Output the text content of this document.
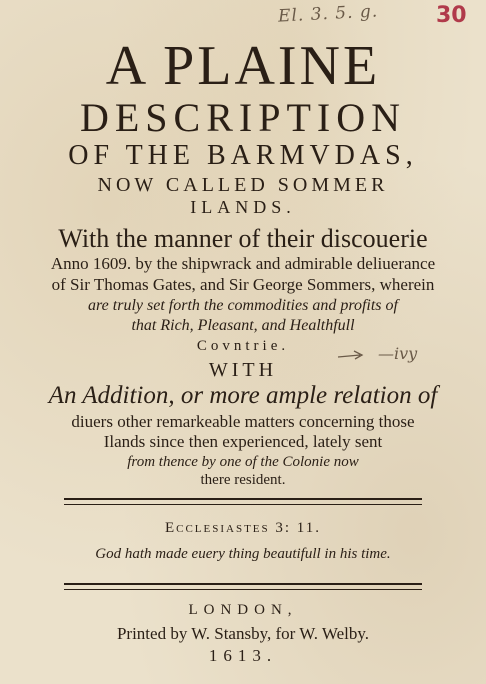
El. 3. 5. g.	30
—ivy
A PLAINE
DESCRIPTION
OF THE BARMVDAS,
NOW CALLED SOMMER
ILANDS.
With the manner of their discouerie
Anno 1609. by the shipwrack and admirable deliuerance
of Sir Thomas Gates, and Sir George Sommers, wherein
are truly set forth the commodities and profits of
that Rich, Pleasant, and Healthfull
Covntrie.
WITH
An Addition, or more ample relation of
diuers other remarkeable matters concerning those
Ilands since then experienced, lately sent
from thence by one of the Colonie now
there resident.
Ecclesiastes 3: 11.
God hath made euery thing beautifull in his time.
LONDON,
Printed by W. Stansby, for W. Welby.
1613.
